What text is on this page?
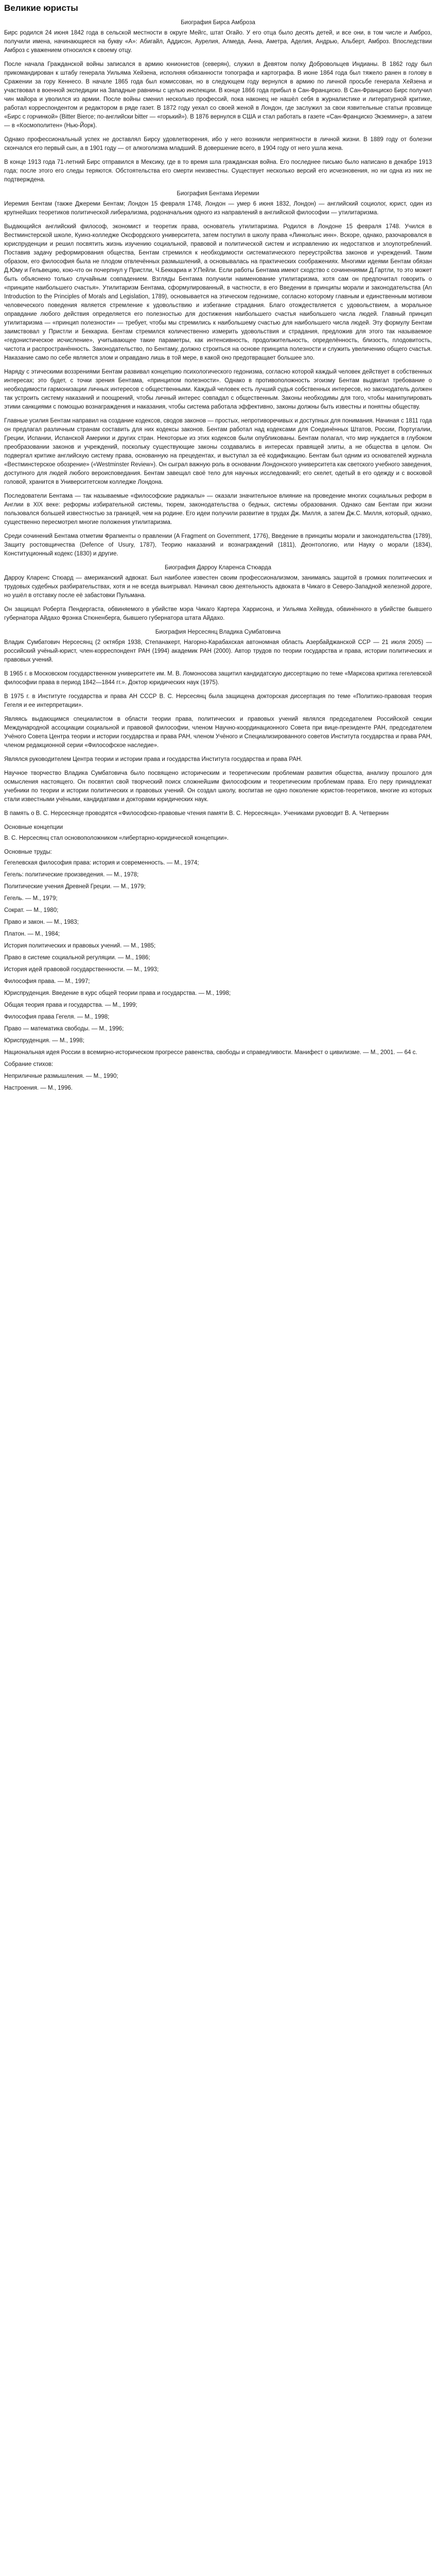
Великие юристы
Биография Бирса Амброза

Бирс родился 24 июня 1842 года в сельской местности в округе Мейгс, штат Огайо. У его отца было десять детей, и все они, в том числе и Амброз, получили имена, начинающиеся на букву «А»: Абигайл, Аддисон, Аурелия, Алмеда, Анна, Аметра, Аделия, Андрью, Альберт, Амброз. Впоследствии Амброз с уважением относился к своему отцу.

После начала Гражданской войны записался в армию юнионистов (северян), служил в Девятом полку Добровольцев Индианы. В 1862 году был прикомандирован к штабу генерала Уильяма Хейзена, исполняя обязанности топографа и картографа. В июне 1864 года был тяжело ранен в голову в Сражении за гору Кеннесо. В начале 1865 года был комиссован, но в следующем году вернулся в армию по личной просьбе генерала Хейзена и участвовал в военной экспедиции на Западные равнины с целью инспекции. В конце 1866 года прибыл в Сан-Франциско. В Сан-Франциско Бирс получил чин майора и уволился из армии. После войны сменил несколько профессий, пока наконец не нашёл себя в журналистике и литературной критике, работал корреспондентом и редактором в ряде газет. В 1872 году уехал со своей женой в Лондон, где заслужил за свои язвительные статьи прозвище «Бирс с горчинкой» (Bitter Bierce; по-английски bitter — «горький»). В 1876 вернулся в США и стал работать в газете «Сан-Франциско Экземинер», а затем — в «Космополитен» (Нью-Йорк).

Однако профессиональный успех не доставлял Бирсу удовлетворения, ибо у него возникли неприятности в личной жизни. В 1889 году от болезни скончался его первый сын, а в 1901 году — от алкоголизма младший. В довершение всего, в 1904 году от него ушла жена.

В конце 1913 года 71-летний Бирс отправился в Мексику, где в то время шла гражданская война. Его последнее письмо было написано в декабре 1913 года; после этого его следы теряются. Обстоятельства его смерти неизвестны. Существует несколько версий его исчезновения, но ни одна из них не подтверждена.

Биография Бентама Иеремии

Иеремия Бентам (также Джереми Бентам; Лондон 15 февраля 1748, Лондон — умер 6 июня 1832, Лондон) — английский социолог, юрист, один из крупнейших теоретиков политической либерализма, родоначальник одного из направлений в английской философии — утилитаризма.

Выдающийся английский философ, экономист и теоретик права, основатель утилитаризма. Родился в Лондоне 15 февраля 1748. Учился в Вестминстерской школе, Куинз-колледже Оксфордского университета, затем поступил в школу права «Линкольнс инн». Вскоре, однако, разочаровался в юриспруденции и решил посвятить жизнь изучению социальной, правовой и политической систем и исправлению их недостатков и злоупотреблений. Поставив задачу реформирования общества, Бентам стремился к необходимости систематического переустройства законов и учреждений. Таким образом, его философия была не плодом отвлечённых размышлений, а основывалась на практических соображениях. Многими идеями Бентам обязан Д.Юму и Гельвецию, кою-что он почерпнул у Пристли, Ч.Беккариа и У.Пейли. Если работы Бентама имеют сходство с сочинениями Д.Гартли, то это может быть объяснено только случайным совпадением. Взгляды Бентама получили наименование утилитаризма, хотя сам он предпочитал говорить о «принципе наибольшего счастья». Утилитаризм Бентама, сформулированный, в частности, в его Введении в принципы морали и законодательства (An Introduction to the Principles of Morals and Legislation, 1789), основывается на этическом гедонизме, согласно которому главным и единственным мотивом человеческого поведения является стремление к удовольствию и избегание страдания. Благо отождествляется с удовольствием, а моральное оправдание любого действия определяется его полезностью для достижения наибольшего счастья наибольшего числа людей. Главный принцип утилитаризма — «принцип полезности» — требует, чтобы мы стремились к наибольшему счастью для наибольшего числа людей. Эту формулу Бентам заимствовал у Пристли и Беккариа. Бентам стремился количественно измерить удовольствия и страдания, предложив для этого так называемое «гедонистическое исчисление», учитывающее такие параметры, как интенсивность, продолжительность, определённость, близость, плодовитость, чистота и распространённость. Законодательство, по Бентаму, должно строиться на основе принципа полезности и служить увеличению общего счастья. Наказание само по себе является злом и оправдано лишь в той мере, в какой оно предотвращает большее зло.

Наряду с этическими воззрениями Бентам развивал концепцию психологического гедонизма, согласно которой каждый человек действует в собственных интересах; это будет, с точки зрения Бентама, «принципом полезности». Однако в противоположность эгоизму Бентам выдвигал требование о необходимости гармонизации личных интересов с общественными. Каждый человек есть лучший судья собственных интересов, но законодатель должен так устроить систему наказаний и поощрений, чтобы личный интерес совпадал с общественным. Законы необходимы для того, чтобы манипулировать этими санкциями с помощью вознаграждения и наказания, чтобы система работала эффективно, законы должны быть известны и понятны обществу.

Главные усилия Бентам направил на создание кодексов, сводов законов — простых, непротиворечивых и доступных для понимания. Начиная с 1811 года он предлагал различным странам составить для них кодексы законов. Бентам работал над кодексами для Соединённых Штатов, России, Португалии, Греции, Испании, Испанской Америки и других стран. Некоторые из этих кодексов были опубликованы. Бентам полагал, что мир нуждается в глубоком преобразовании законов и учреждений, поскольку существующие законы создавались в интересах правящей элиты, а не общества в целом. Он подвергал критике английскую систему права, основанную на прецедентах, и выступал за её кодификацию. Бентам был одним из основателей журнала «Вестминстерское обозрение» («Westminster Review»). Он сыграл важную роль в основании Лондонского университета как светского учебного заведения, доступного для людей любого вероисповедания. Бентам завещал своё тело для научных исследований; его скелет, одетый в его одежду и с восковой головой, хранится в Университетском колледже Лондона.

Последователи Бентама — так называемые «философские радикалы» — оказали значительное влияние на проведение многих социальных реформ в Англии в XIX веке: реформы избирательной системы, тюрем, законодательства о бедных, системы образования. Однако сам Бентам при жизни пользовался большей известностью за границей, чем на родине. Его идеи получили развитие в трудах Дж. Милля, а затем Дж.С. Милля, который, однако, существенно пересмотрел многие положения утилитаризма.

Среди сочинений Бентама отметим Фрагменты о правлении (A Fragment on Government, 1776), Введение в принципы морали и законодательства (1789), Защиту ростовщичества (Defence of Usury, 1787), Теорию наказаний и вознаграждений (1811), Деонтологию, или Науку о морали (1834), Конституционный кодекс (1830) и другие.

Биография Дарроу Кларенса Стюарда

Дарроу Кларенс Стюард — американский адвокат. Был наиболее известен своим профессионализмом, занимаясь защитой в громких политических и трудовых судебных разбирательствах, хотя и не всегда выигрывал. Начинал свою деятельность адвоката в Чикаго в Северо-Западной железной дороге, но ушёл в отставку после её забастовки Пульмана.

Он защищал Роберта Пендергаста, обвиняемого в убийстве мэра Чикаго Картера Харрисона, и Уильяма Хейвуда, обвинённого в убийстве бывшего губернатора Айдахо Фрэнка Стюненберга, бывшего губернатора штата Айдахо.

Биография Нерсесянц Владика Сумбатовича

Владик Сумбатович Нерсесянц (2 октября 1938, Степанакерт, Нагорно-Карабахская автономная область Азербайджанской ССР — 21 июля 2005) — российский учёный-юрист, член-корреспондент РАН (1994) академик РАН (2000). Автор трудов по теории государства и права, истории политических и правовых учений.

В 1965 г. в Московском государственном университете им. М. В. Ломоносова защитил кандидатскую диссертацию по теме «Марксова критика гегелевской философии права в период 1842—1844 гг.». Доктор юридических наук (1975).

В 1975 г. в Институте государства и права АН СССР В. С. Нерсесянц была защищена докторская диссертация по теме «Политико-правовая теория Гегеля и ее интерпретации».

Являясь выдающимся специалистом в области теории права, политических и правовых учений являлся председателем Российской секции Международной ассоциации социальной и правовой философии, членом Научно-координационного Совета при вице-президенте РАН, председателем Учёного Совета Центра теории и истории государства и права РАН, членом Учёного и Специализированного советов Института государства и права РАН, членом редакционной серии «Философское наследие».

Являлся руководителем Центра теории и истории права и государства Института государства и права РАН.

Научное творчество Владика Сумбатовича было посвящено историческим и теоретическим проблемам развития общества, анализу прошлого для осмысления настоящего. Он посвятил свой творческий поиск сложнейшим философским и теоретическим проблемам права. Его перу принадлежат учебники по теории и истории политических и правовых учений. Он создал школу, воспитав не одно поколение юристов-теоретиков, многие из которых стали известными учёными, кандидатами и докторами юридических наук.

В память о В. С. Нерсесянце проводятся «Философско-правовые чтения памяти В. С. Нерсесянца». Учениками руководит В. А. Четвернин

Основные концепции

В. С. Нерсесянц стал основоположником «либертарно-юридической концепции».

Основные труды:

Гегелевская философия права: история и современность. — М., 1974;
Гегель: политические произведения. — М., 1978;
Политические учения Древней Греции. — М., 1979;
Гегель. — М., 1979;
Сократ. — М., 1980;
Право и закон. — М., 1983;
Платон. — М., 1984;
История политических и правовых учений. — М., 1985;
Право в системе социальной регуляции. — М., 1986;
История идей правовой государственности. — М., 1993;
Философия права. — М., 1997;
Юриспруденция. Введение в курс общей теории права и государства. — М., 1998;
Общая теория права и государства. — М., 1999;
Философия права Гегеля. — М., 1998;
Право — математика свободы. — М., 1996;
Юриспруденция. — М., 1998;
Национальная идея России в всемирно-историческом прогрессе равенства, свободы и справедливости. Манифест о цивилизме. — М., 2001. — 64 с.
Собрание стихов:
Неприличные размышления. — М., 1990;
Настроения. — М., 1996.
